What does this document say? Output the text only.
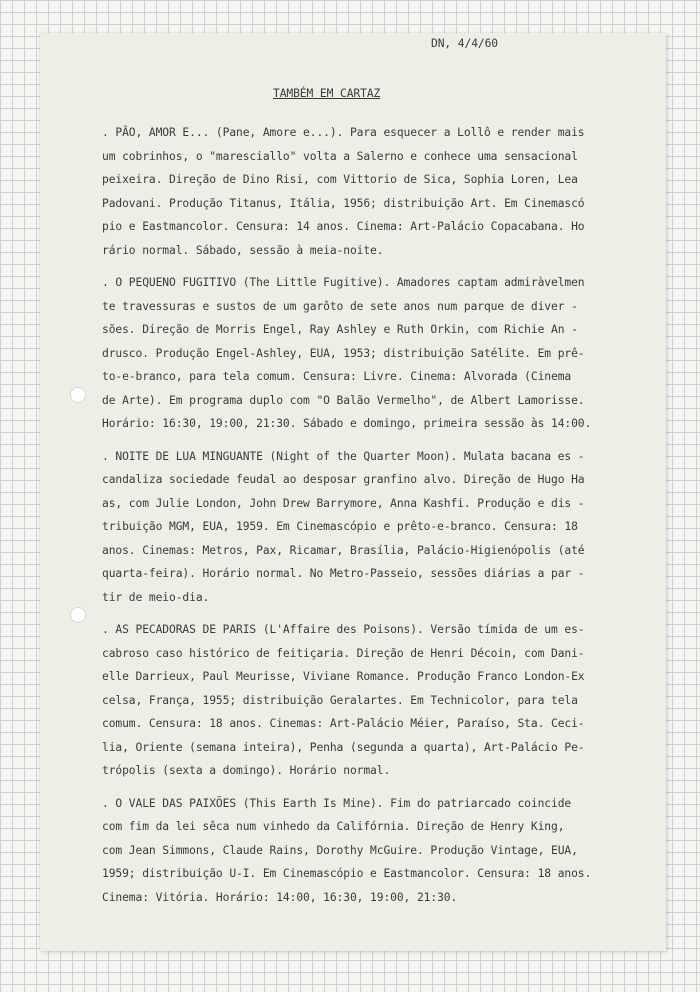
DN, 4/4/60
TAMBÉM EM CARTAZ
. PÃO, AMOR E... (Pane, Amore e...). Para esquecer a Lollô e render mais
um cobrinhos, o "maresciallo" volta a Salerno e conhece uma sensacional
peixeira. Direção de Dino Risi, com Vittorio de Sica, Sophia Loren, Lea
Padovani. Produção Titanus, Itália, 1956; distribuição Art. Em Cinemascó
pio e Eastmancolor. Censura: 14 anos. Cinema: Art-Palácio Copacabana. Ho
rário normal. Sábado, sessão à meia-noite.
. O PEQUENO FUGITIVO (The Little Fugitive). Amadores captam admiràvelmen
te travessuras e sustos de um garôto de sete anos num parque de diver -
sões. Direção de Morris Engel, Ray Ashley e Ruth Orkin, com Richie An -
drusco. Produção Engel-Ashley, EUA, 1953; distribuição Satélite. Em prê-
to-e-branco, para tela comum. Censura: Livre. Cinema: Alvorada (Cinema
de Arte). Em programa duplo com "O Balão Vermelho", de Albert Lamorisse.
Horário: 16:30, 19:00, 21:30. Sábado e domingo, primeira sessão às 14:00.
. NOITE DE LUA MINGUANTE (Night of the Quarter Moon). Mulata bacana es -
candaliza sociedade feudal ao desposar granfino alvo. Direção de Hugo Ha
as, com Julie London, John Drew Barrymore, Anna Kashfi. Produção e dis -
tribuição MGM, EUA, 1959. Em Cinemascópio e prêto-e-branco. Censura: 18
anos. Cinemas: Metros, Pax, Ricamar, Brasília, Palácio-Higienópolis (até
quarta-feira). Horário normal. No Metro-Passeio, sessões diárias a par -
tir de meio-dia.
. AS PECADORAS DE PARIS (L'Affaire des Poisons). Versão tímida de um es-
cabroso caso histórico de feitiçaria. Direção de Henri Décoin, com Dani-
elle Darrieux, Paul Meurisse, Viviane Romance. Produção Franco London-Ex
celsa, França, 1955; distribuição Geralartes. Em Technicolor, para tela
comum. Censura: 18 anos. Cinemas: Art-Palácio Méier, Paraíso, Sta. Ceci-
lia, Oriente (semana inteira), Penha (segunda a quarta), Art-Palácio Pe-
trópolis (sexta a domingo). Horário normal.
. O VALE DAS PAIXÕES (This Earth Is Mine). Fim do patriarcado coincide
com fim da lei sêca num vinhedo da Califórnia. Direção de Henry King,
com Jean Simmons, Claude Rains, Dorothy McGuire. Produção Vintage, EUA,
1959; distribuição U-I. Em Cinemascópio e Eastmancolor. Censura: 18 anos.
Cinema: Vitória. Horário: 14:00, 16:30, 19:00, 21:30.
